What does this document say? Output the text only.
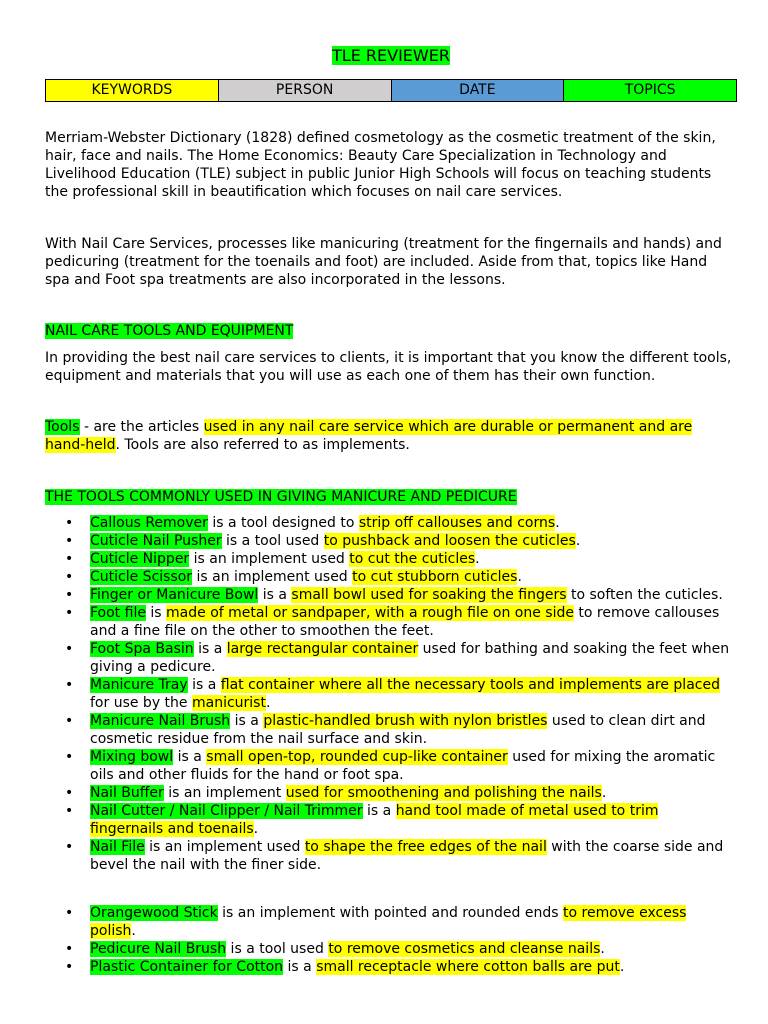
TLE REVIEWER
KEYWORDS	PERSON	DATE	TOPICS

Merriam-Webster Dictionary (1828) defined cosmetology as the cosmetic treatment of the skin, hair, face and nails. The Home Economics: Beauty Care Specialization in Technology and Livelihood Education (TLE) subject in public Junior High Schools will focus on teaching students the professional skill in beautification which focuses on nail care services.

With Nail Care Services, processes like manicuring (treatment for the fingernails and hands) and pedicuring (treatment for the toenails and foot) are included. Aside from that, topics like Hand spa and Foot spa treatments are also incorporated in the lessons.

NAIL CARE TOOLS AND EQUIPMENT

In providing the best nail care services to clients, it is important that you know the different tools, equipment and materials that you will use as each one of them has their own function.

Tools - are the articles used in any nail care service which are durable or permanent and are hand-held. Tools are also referred to as implements.

THE TOOLS COMMONLY USED IN GIVING MANICURE AND PEDICURE

• Callous Remover is a tool designed to strip off callouses and corns.
• Cuticle Nail Pusher is a tool used to pushback and loosen the cuticles.
• Cuticle Nipper is an implement used to cut the cuticles.
• Cuticle Scissor is an implement used to cut stubborn cuticles.
• Finger or Manicure Bowl is a small bowl used for soaking the fingers to soften the cuticles.
• Foot file is made of metal or sandpaper, with a rough file on one side to remove callouses and a fine file on the other to smoothen the feet.
• Foot Spa Basin is a large rectangular container used for bathing and soaking the feet when giving a pedicure.
• Manicure Tray is a flat container where all the necessary tools and implements are placed for use by the manicurist.
• Manicure Nail Brush is a plastic-handled brush with nylon bristles used to clean dirt and cosmetic residue from the nail surface and skin.
• Mixing bowl is a small open-top, rounded cup-like container used for mixing the aromatic oils and other fluids for the hand or foot spa.
• Nail Buffer is an implement used for smoothening and polishing the nails.
• Nail Cutter / Nail Clipper / Nail Trimmer is a hand tool made of metal used to trim fingernails and toenails.
• Nail File is an implement used to shape the free edges of the nail with the coarse side and bevel the nail with the finer side.
• Orangewood Stick is an implement with pointed and rounded ends to remove excess polish.
• Pedicure Nail Brush is a tool used to remove cosmetics and cleanse nails.
• Plastic Container for Cotton is a small receptacle where cotton balls are put.
